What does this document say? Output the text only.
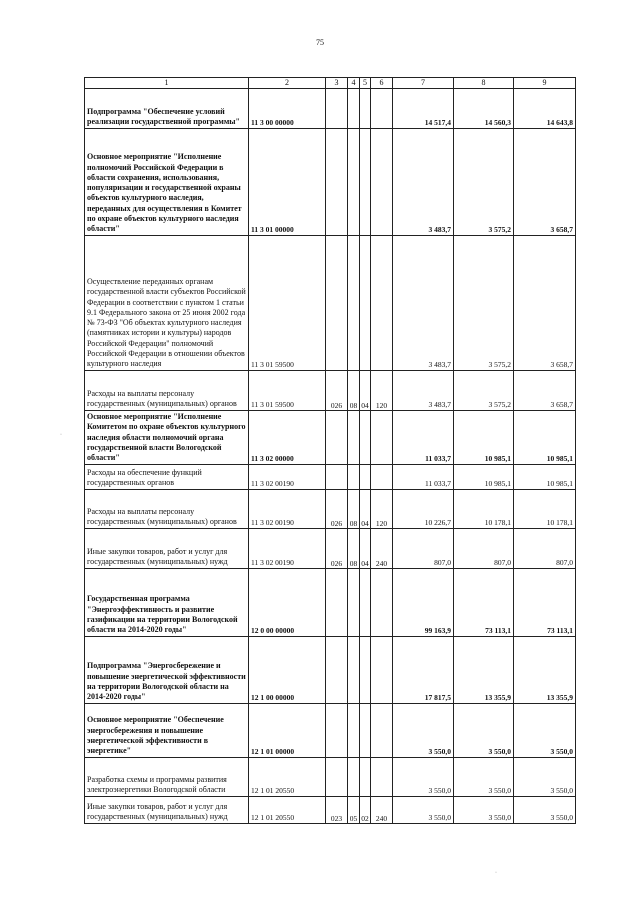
75
1	2	3	4	5	6	7	8	9
Подпрограмма "Обеспечение условий реализации государственной программы"	11 3 00 00000					14 517,4	14 560,3	14 643,8
Основное мероприятие "Исполнение полномочий Российской Федерации в области сохранения, использования, популяризации и государственной охраны объектов культурного наследия, переданных для осуществления в Комитет по охране объектов культурного наследия области"	11 3 01 00000					3 483,7	3 575,2	3 658,7
Осуществление переданных органам государственной власти субъектов Российской Федерации в соответствии с пунктом 1 статьи 9.1 Федерального закона от 25 июня 2002 года № 73-ФЗ "Об объектах культурного наследия (памятниках истории и культуры) народов Российской Федерации" полномочий Российской Федерации в отношении объектов культурного наследия	11 3 01 59500					3 483,7	3 575,2	3 658,7
Расходы на выплаты персоналу государственных (муниципальных) органов	11 3 01 59500	026	08	04	120	3 483,7	3 575,2	3 658,7
Основное мероприятие "Исполнение Комитетом по охране объектов культурного наследия области полномочий органа государственной власти Вологодской области"	11 3 02 00000					11 033,7	10 985,1	10 985,1
Расходы на обеспечение функций государственных органов	11 3 02 00190					11 033,7	10 985,1	10 985,1
Расходы на выплаты персоналу государственных (муниципальных) органов	11 3 02 00190	026	08	04	120	10 226,7	10 178,1	10 178,1
Иные закупки товаров, работ и услуг для государственных (муниципальных) нужд	11 3 02 00190	026	08	04	240	807,0	807,0	807,0
Государственная программа "Энергоэффективность и развитие газификации на территории Вологодской области на 2014-2020 годы"	12 0 00 00000					99 163,9	73 113,1	73 113,1
Подпрограмма "Энергосбережение и повышение энергетической эффективности на территории Вологодской области на 2014-2020 годы"	12 1 00 00000					17 817,5	13 355,9	13 355,9
Основное мероприятие "Обеспечение энергосбережения и повышение энергетической эффективности в энергетике"	12 1 01 00000					3 550,0	3 550,0	3 550,0
Разработка схемы и программы развития электроэнергетики Вологодской области	12 1 01 20550					3 550,0	3 550,0	3 550,0
Иные закупки товаров, работ и услуг для государственных (муниципальных) нужд	12 1 01 20550	023	05	02	240	3 550,0	3 550,0	3 550,0
·
·
